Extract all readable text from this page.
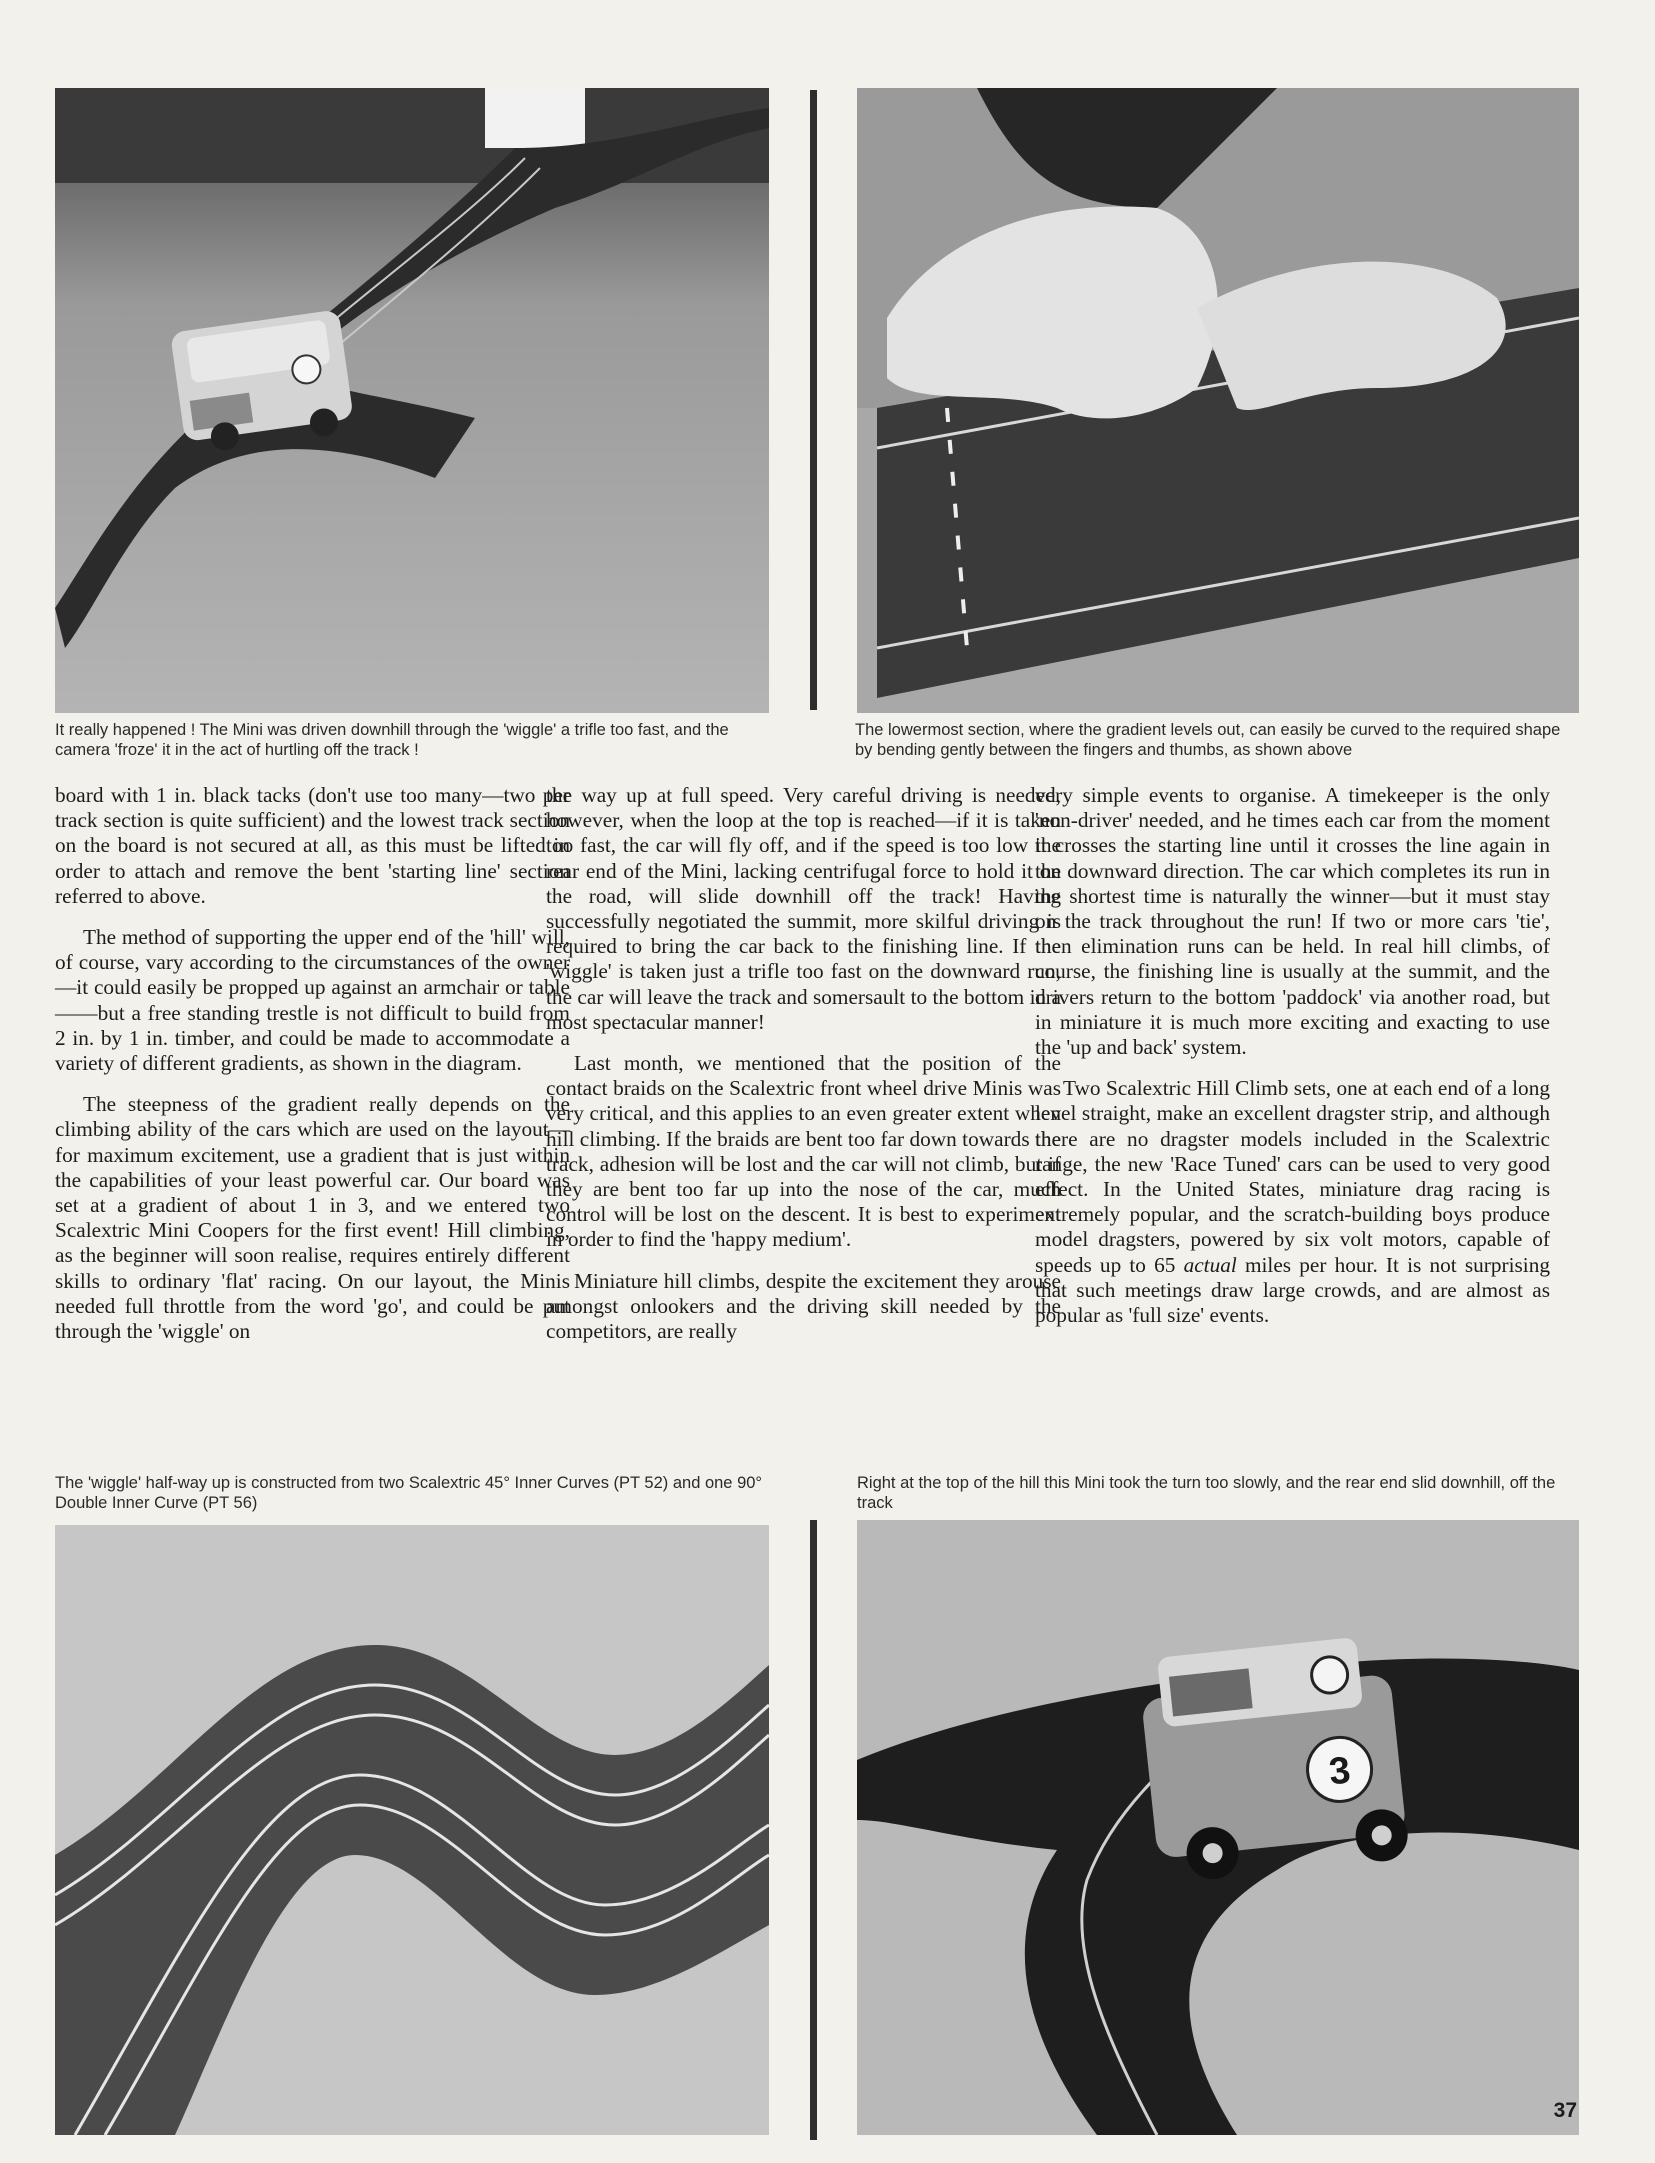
It really happened ! The Mini was driven downhill through the 'wiggle' a trifle too fast, and the camera 'froze' it in the act of hurtling off the track !

The lowermost section, where the gradient levels out, can easily be curved to the required shape by bending gently between the fingers and thumbs, as shown above

board with 1 in. black tacks (don't use too many—two per track section is quite sufficient) and the lowest track section on the board is not secured at all, as this must be lifted in order to attach and remove the bent 'starting line' section referred to above.

The method of supporting the upper end of the 'hill' will, of course, vary according to the circumstances of the owner—it could easily be propped up against an armchair or table——but a free standing trestle is not difficult to build from 2 in. by 1 in. timber, and could be made to accommodate a variety of different gradients, as shown in the diagram.

The steepness of the gradient really depends on the climbing ability of the cars which are used on the layout—for maximum excitement, use a gradient that is just within the capabilities of your least powerful car. Our board was set at a gradient of about 1 in 3, and we entered two Scalextric Mini Coopers for the first event! Hill climbing, as the beginner will soon realise, requires entirely different skills to ordinary 'flat' racing. On our layout, the Minis needed full throttle from the word 'go', and could be put through the 'wiggle' on

the way up at full speed. Very careful driving is needed, however, when the loop at the top is reached—if it is taken too fast, the car will fly off, and if the speed is too low the rear end of the Mini, lacking centrifugal force to hold it on the road, will slide downhill off the track! Having successfully negotiated the summit, more skilful driving is required to bring the car back to the finishing line. If the 'wiggle' is taken just a trifle too fast on the downward run, the car will leave the track and somersault to the bottom in a most spectacular manner!

Last month, we mentioned that the position of the contact braids on the Scalextric front wheel drive Minis was very critical, and this applies to an even greater extent when hill climbing. If the braids are bent too far down towards the track, adhesion will be lost and the car will not climb, but if they are bent too far up into the nose of the car, much control will be lost on the descent. It is best to experiment in order to find the 'happy medium'.

Miniature hill climbs, despite the excitement they arouse amongst onlookers and the driving skill needed by the competitors, are really

very simple events to organise. A timekeeper is the only 'non-driver' needed, and he times each car from the moment it crosses the starting line until it crosses the line again in the downward direction. The car which completes its run in the shortest time is naturally the winner—but it must stay on the track throughout the run! If two or more cars 'tie', then elimination runs can be held. In real hill climbs, of course, the finishing line is usually at the summit, and the drivers return to the bottom 'paddock' via another road, but in miniature it is much more exciting and exacting to use the 'up and back' system.

Two Scalextric Hill Climb sets, one at each end of a long level straight, make an excellent dragster strip, and although there are no dragster models included in the Scalextric range, the new 'Race Tuned' cars can be used to very good effect. In the United States, miniature drag racing is extremely popular, and the scratch-building boys produce model dragsters, powered by six volt motors, capable of speeds up to 65 actual miles per hour. It is not surprising that such meetings draw large crowds, and are almost as popular as 'full size' events.

The 'wiggle' half-way up is constructed from two Scalextric 45° Inner Curves (PT 52) and one 90° Double Inner Curve (PT 56)

Right at the top of the hill this Mini took the turn too slowly, and the rear end slid downhill, off the track

3
37
